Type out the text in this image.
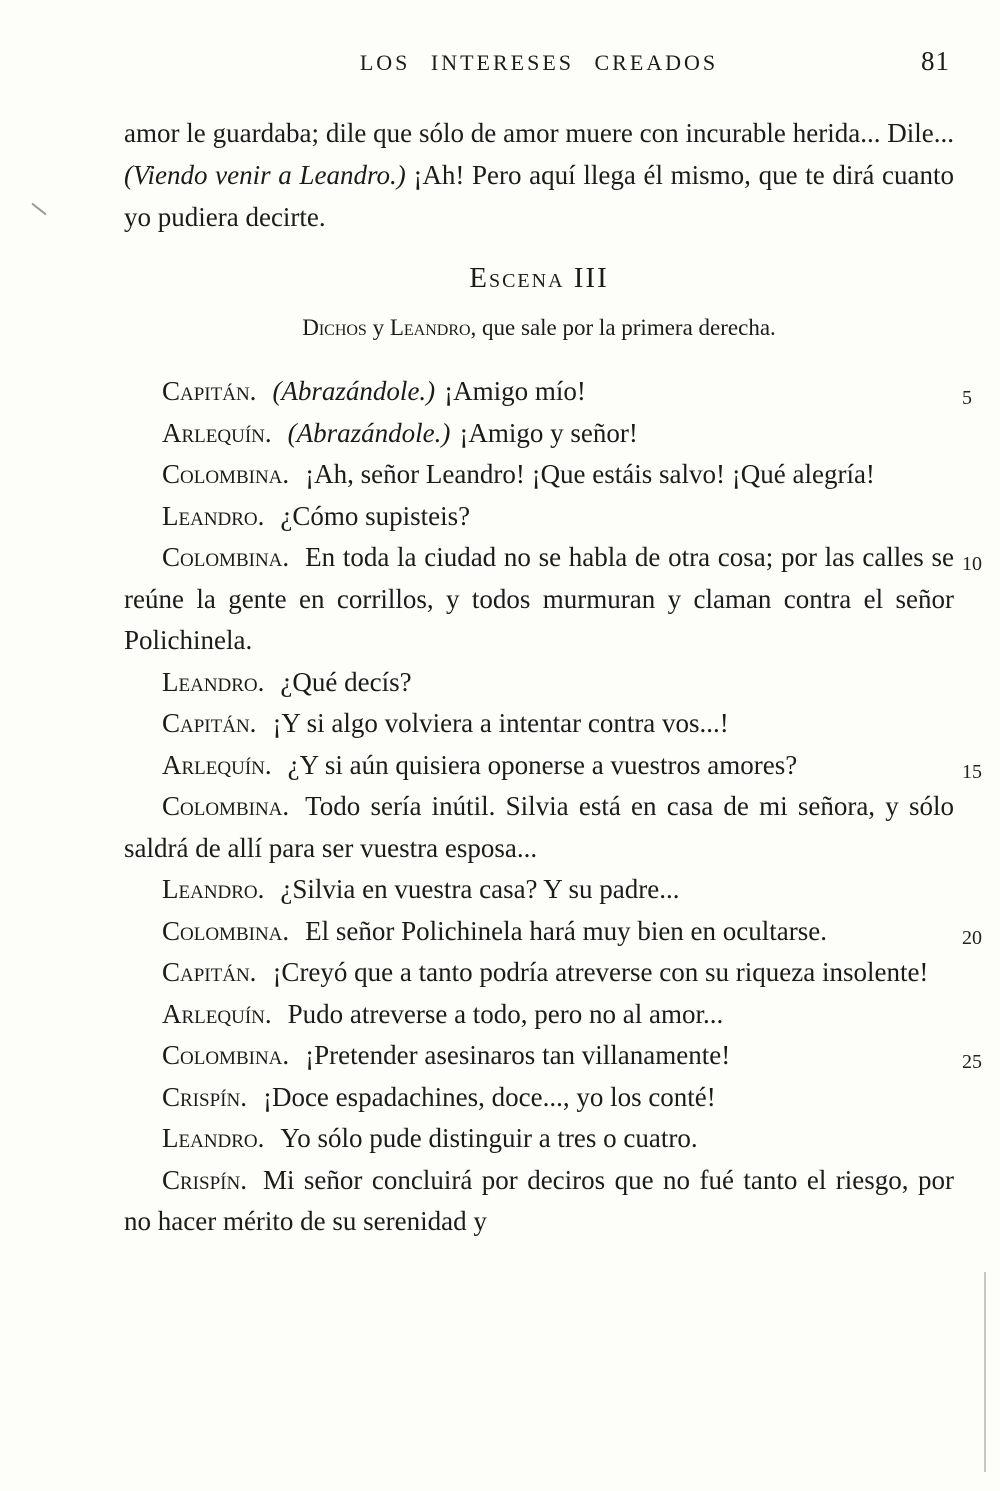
LOS INTERESES CREADOS	81

amor le guardaba; dile que sólo de amor muere con incurable herida... Dile... (Viendo venir a Leandro.) ¡Ah! Pero aquí llega él mismo, que te dirá cuanto yo pudiera decirte.

Escena III

Dichos y Leandro, que sale por la primera derecha.

5
Capitán. (Abrazándole.) ¡Amigo mío!

Arlequín. (Abrazándole.) ¡Amigo y señor!

Colombina. ¡Ah, señor Leandro! ¡Que estáis salvo! ¡Qué alegría!

Leandro. ¿Cómo supisteis?

10
Colombina. En toda la ciudad no se habla de otra cosa; por las calles se reúne la gente en corrillos, y todos murmuran y claman contra el señor Polichinela.

Leandro. ¿Qué decís?

Capitán. ¡Y si algo volviera a intentar contra vos...!

15
Arlequín. ¿Y si aún quisiera oponerse a vuestros amores?

Colombina. Todo sería inútil. Silvia está en casa de mi señora, y sólo saldrá de allí para ser vuestra esposa...

Leandro. ¿Silvia en vuestra casa? Y su padre...

20
Colombina. El señor Polichinela hará muy bien en ocultarse.

Capitán. ¡Creyó que a tanto podría atreverse con su riqueza insolente!

Arlequín. Pudo atreverse a todo, pero no al amor...

25
Colombina. ¡Pretender asesinaros tan villanamente!

Crispín. ¡Doce espadachines, doce..., yo los conté!

Leandro. Yo sólo pude distinguir a tres o cuatro.

Crispín. Mi señor concluirá por deciros que no fué tanto el riesgo, por no hacer mérito de su serenidad y
